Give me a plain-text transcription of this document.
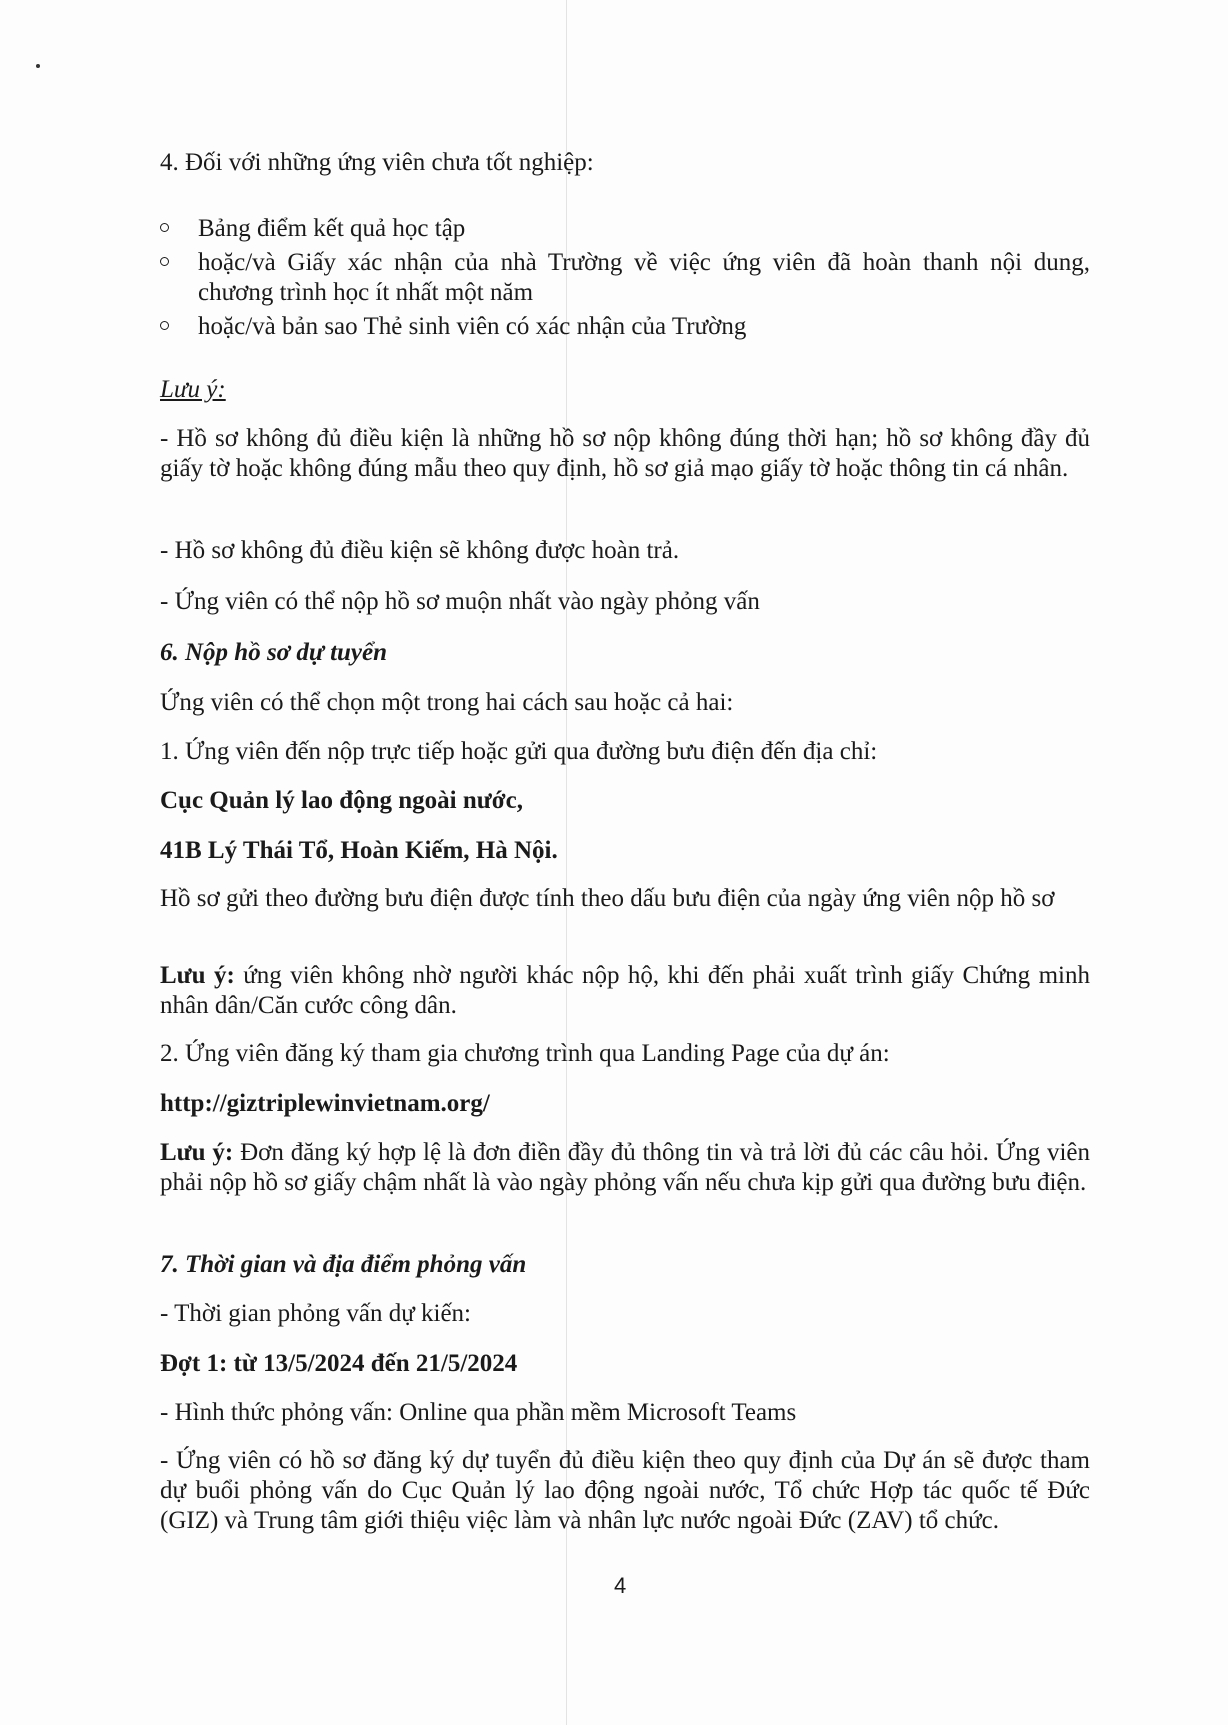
4. Đối với những ứng viên chưa tốt nghiệp:
Bảng điểm kết quả học tập
hoặc/và Giấy xác nhận của nhà Trường về việc ứng viên đã hoàn thanh nội dung, chương trình học ít nhất một năm
hoặc/và bản sao Thẻ sinh viên có xác nhận của Trường
Lưu ý:
- Hồ sơ không đủ điều kiện là những hồ sơ nộp không đúng thời hạn; hồ sơ không đầy đủ giấy tờ hoặc không đúng mẫu theo quy định, hồ sơ giả mạo giấy tờ hoặc thông tin cá nhân.
- Hồ sơ không đủ điều kiện sẽ không được hoàn trả.
- Ứng viên có thể nộp hồ sơ muộn nhất vào ngày phỏng vấn
6. Nộp hồ sơ dự tuyển
Ứng viên có thể chọn một trong hai cách sau hoặc cả hai:
1. Ứng viên đến nộp trực tiếp hoặc gửi qua đường bưu điện đến địa chỉ:
Cục Quản lý lao động ngoài nước,
41B Lý Thái Tổ, Hoàn Kiếm, Hà Nội.
Hồ sơ gửi theo đường bưu điện được tính theo dấu bưu điện của ngày ứng viên nộp hồ sơ
Lưu ý: ứng viên không nhờ người khác nộp hộ, khi đến phải xuất trình giấy Chứng minh nhân dân/Căn cước công dân.
2. Ứng viên đăng ký tham gia chương trình qua Landing Page của dự án:
http://giztriplewinvietnam.org/
Lưu ý: Đơn đăng ký hợp lệ là đơn điền đầy đủ thông tin và trả lời đủ các câu hỏi. Ứng viên phải nộp hồ sơ giấy chậm nhất là vào ngày phỏng vấn nếu chưa kịp gửi qua đường bưu điện.
7. Thời gian và địa điểm phỏng vấn
- Thời gian phỏng vấn dự kiến:
Đợt 1: từ 13/5/2024 đến 21/5/2024
- Hình thức phỏng vấn: Online qua phần mềm Microsoft Teams
- Ứng viên có hồ sơ đăng ký dự tuyển đủ điều kiện theo quy định của Dự án sẽ được tham dự buổi phỏng vấn do Cục Quản lý lao động ngoài nước, Tổ chức Hợp tác quốc tế Đức (GIZ) và Trung tâm giới thiệu việc làm và nhân lực nước ngoài Đức (ZAV) tổ chức.
4
